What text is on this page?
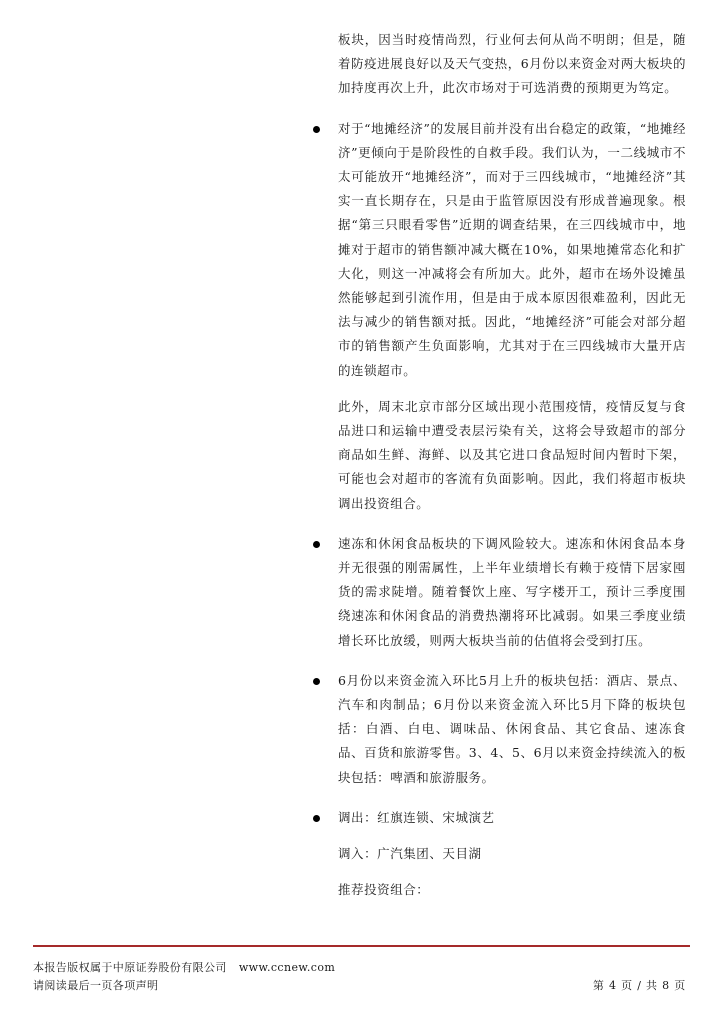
板块，因当时疫情尚烈，行业何去何从尚不明朗；但是，随着防疫进展良好以及天气变热，6月份以来资金对两大板块的加持度再次上升，此次市场对于可选消费的预期更为笃定。

对于“地摊经济”的发展目前并没有出台稳定的政策，“地摊经济”更倾向于是阶段性的自救手段。我们认为，一二线城市不太可能放开“地摊经济”，而对于三四线城市，“地摊经济”其实一直长期存在，只是由于监管原因没有形成普遍现象。根据“第三只眼看零售”近期的调查结果，在三四线城市中，地摊对于超市的销售额冲减大概在10%，如果地摊常态化和扩大化，则这一冲减将会有所加大。此外，超市在场外设摊虽然能够起到引流作用，但是由于成本原因很难盈利，因此无法与减少的销售额对抵。因此，“地摊经济”可能会对部分超市的销售额产生负面影响，尤其对于在三四线城市大量开店的连锁超市。

此外，周末北京市部分区域出现小范围疫情，疫情反复与食品进口和运输中遭受表层污染有关，这将会导致超市的部分商品如生鲜、海鲜、以及其它进口食品短时间内暂时下架，可能也会对超市的客流有负面影响。因此，我们将超市板块调出投资组合。

速冻和休闲食品板块的下调风险较大。速冻和休闲食品本身并无很强的刚需属性，上半年业绩增长有赖于疫情下居家囤货的需求陡增。随着餐饮上座、写字楼开工，预计三季度围绕速冻和休闲食品的消费热潮将环比减弱。如果三季度业绩增长环比放缓，则两大板块当前的估值将会受到打压。

6月份以来资金流入环比5月上升的板块包括：酒店、景点、汽车和肉制品；6月份以来资金流入环比5月下降的板块包括：白酒、白电、调味品、休闲食品、其它食品、速冻食品、百货和旅游零售。3、4、5、6月以来资金持续流入的板块包括：啤酒和旅游服务。

调出：红旗连锁、宋城演艺

调入：广汽集团、天目湖

推荐投资组合：

本报告版权属于中原证券股份有限公司 www.ccnew.com
请阅读最后一页各项声明	第 4 页 / 共 8 页
